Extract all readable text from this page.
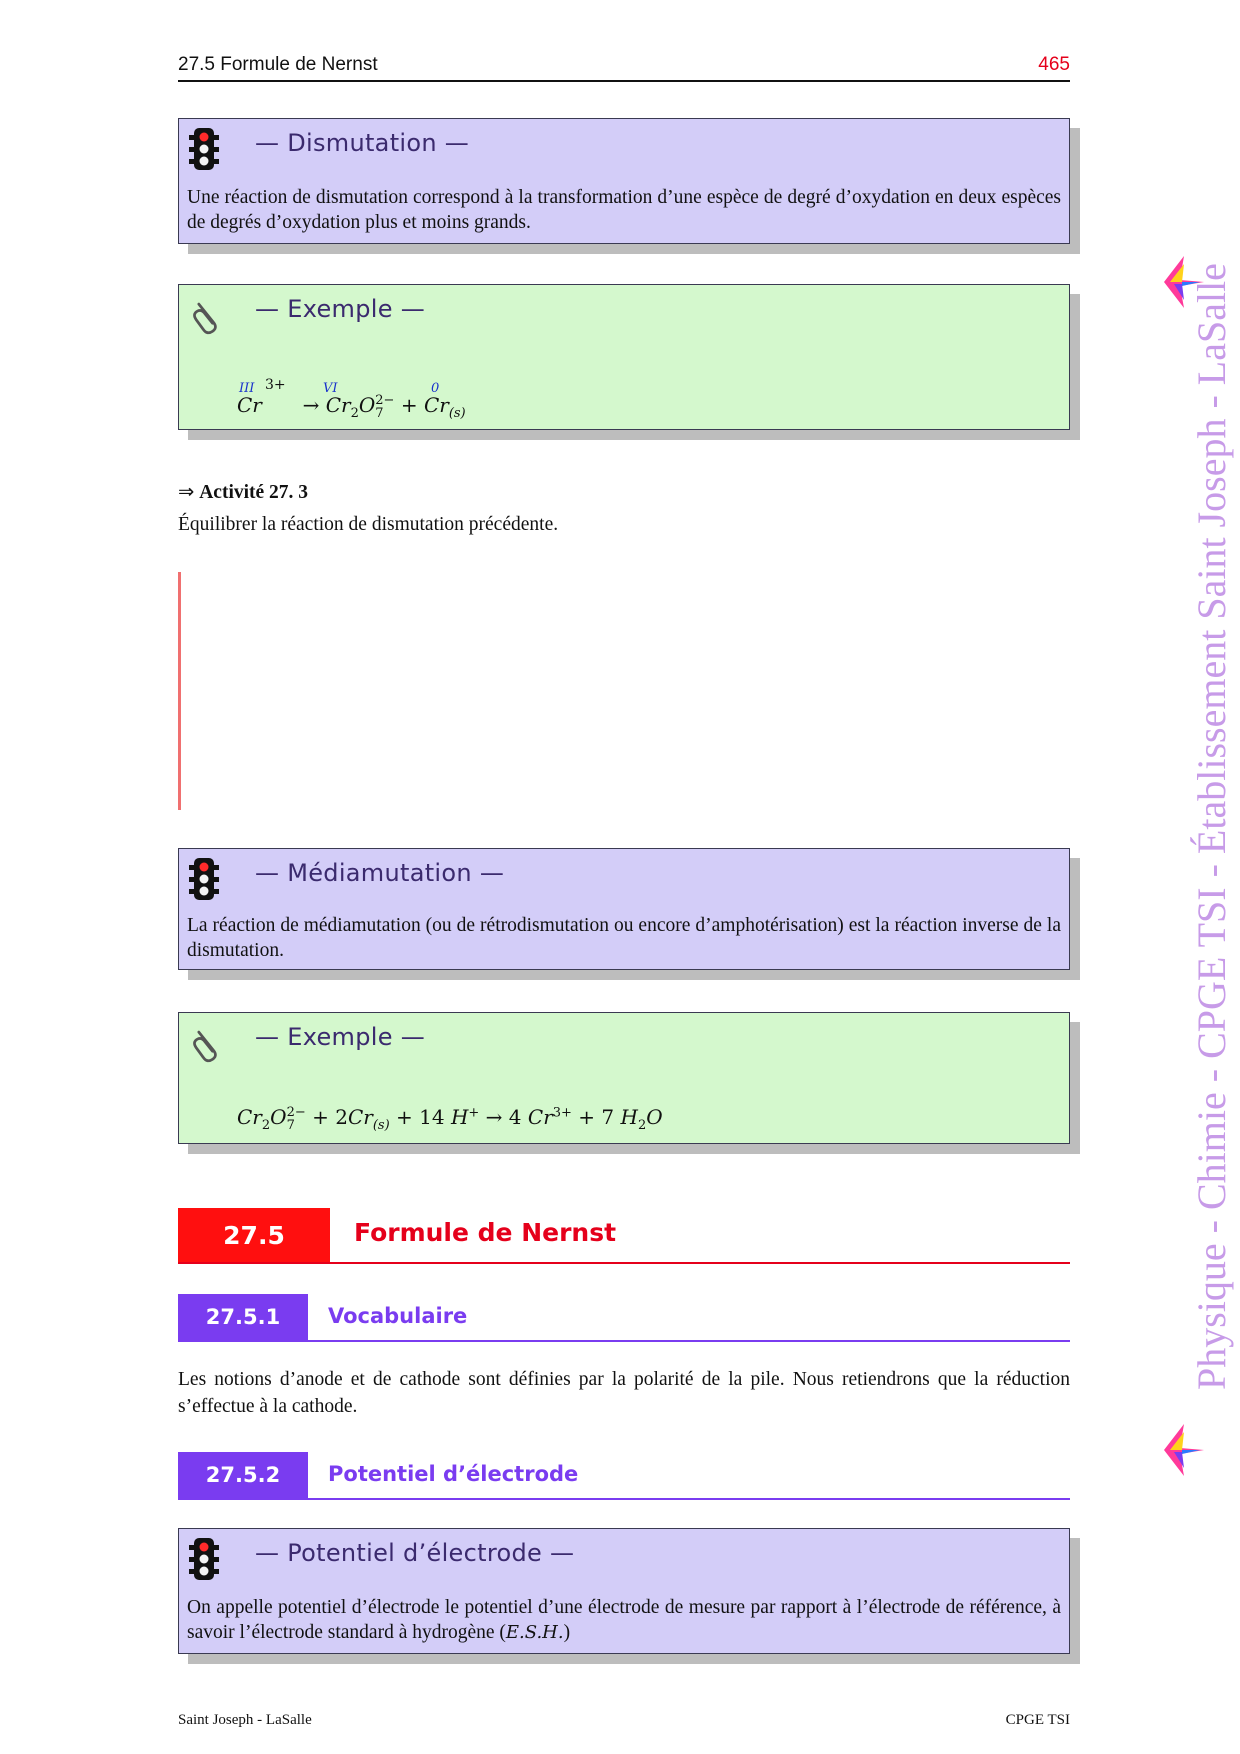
27.5 Formule de Nernst	465
— Dismutation —
Une réaction de dismutation correspond à la transformation d’une espèce de degré d’oxydation en deux espèces de degrés d’oxydation plus et moins grands.
— Exemple —
III 3+	VI	0
$Cr \to Cr_2O$ 2−
$7 + Cr_{(s)}$
⇒ Activité 27. 3
Équilibrer la réaction de dismutation précédente.
— Médiamutation —
La réaction de médiamutation (ou de rétrodismutation ou encore d’amphotérisation) est la réaction inverse de la dismutation.
— Exemple —
$Cr_2O$ 2−
$7 + 2Cr_{(s)} + 14$ H+ → 4 $Cr^{3+} + 7$ $H_2O$
27.5	Formule de Nernst
27.5.1	Vocabulaire
Les notions d’anode et de cathode sont définies par la polarité de la pile. Nous retiendrons que la réduction s’effectue à la cathode.
27.5.2	Potentiel d’électrode
— Potentiel d’électrode —
On appelle potentiel d’électrode le potentiel d’une électrode de mesure par rapport à l’électrode de référence, à savoir l’électrode standard à hydrogène (E.S.H.)
Saint Joseph - LaSalle	CPGE TSI
Physique - Chimie - CPGE TSI - Établissement Saint Joseph - LaSalle
